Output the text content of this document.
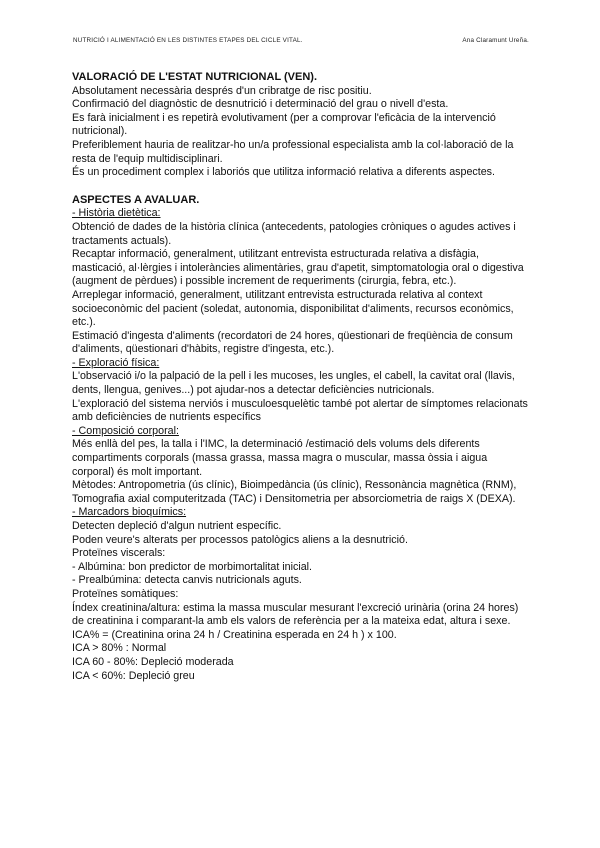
NUTRICIÓ I ALIMENTACIÓ EN LES DISTINTES ETAPES DEL CICLE VITAL.	Ana Claramunt Ureña.

VALORACIÓ DE L'ESTAT NUTRICIONAL (VEN).

Absolutament necessària després d'un cribratge de risc positiu.

Confirmació del diagnòstic de desnutrició i determinació del grau o nivell d'esta.

Es farà inicialment i es repetirà evolutivament (per a comprovar l'eficàcia de la intervenció nutricional).

Preferiblement hauria de realitzar-ho un/a professional especialista amb la col·laboració de la resta de l'equip multidisciplinari.

És un procediment complex i laboriós que utilitza informació relativa a diferents aspectes.

ASPECTES A AVALUAR.

- Història dietètica:

Obtenció de dades de la història clínica (antecedents, patologies cròniques o agudes actives i tractaments actuals).

Recaptar informació, generalment, utilitzant entrevista estructurada relativa a disfàgia, masticació, al·lèrgies i intoleràncies alimentàries, grau d'apetit, simptomatologia oral o digestiva (augment de pèrdues) i possible increment de requeriments (cirurgia, febra, etc.).

Arreplegar informació, generalment, utilitzant entrevista estructurada relativa al context socioeconòmic del pacient (soledat, autonomia, disponibilitat d'aliments, recursos econòmics, etc.).

Estimació d'ingesta d'aliments (recordatori de 24 hores, qüestionari de freqüència de consum d'aliments, qüestionari d'hàbits, registre d'ingesta, etc.).

- Exploració física:

L'observació i/o la palpació de la pell i les mucoses, les ungles, el cabell, la cavitat oral (llavis, dents, llengua, genives...) pot ajudar-nos a detectar deficiències nutricionals.

L'exploració del sistema nerviós i musculoesquelètic també pot alertar de símptomes relacionats amb deficiències de nutrients específics

- Composició corporal:

Més enllà del pes, la talla i l'IMC, la determinació /estimació dels volums dels diferents compartiments corporals (massa grassa, massa magra o muscular, massa òssia i aigua corporal) és molt important.

Mètodes: Antropometria (ús clínic), Bioimpedància (ús clínic), Ressonància magnètica (RNM), Tomografia axial computeritzada (TAC) i Densitometria per absorciometria de raigs X (DEXA).

- Marcadors bioquímics:

Detecten depleció d'algun nutrient específic.

Poden veure's alterats per processos patològics aliens a la desnutrició.

Proteïnes viscerals:

- Albúmina: bon predictor de morbimortalitat inicial.

- Prealbúmina: detecta canvis nutricionals aguts.

Proteïnes somàtiques:

Índex creatinina/altura: estima la massa muscular mesurant l'excreció urinària (orina 24 hores) de creatinina i comparant-la amb els valors de referència per a la mateixa edat, altura i sexe.

ICA% = (Creatinina orina 24 h / Creatinina esperada en 24 h ) x 100.

ICA > 80% : Normal

ICA 60 - 80%: Depleció moderada

ICA < 60%: Depleció greu
